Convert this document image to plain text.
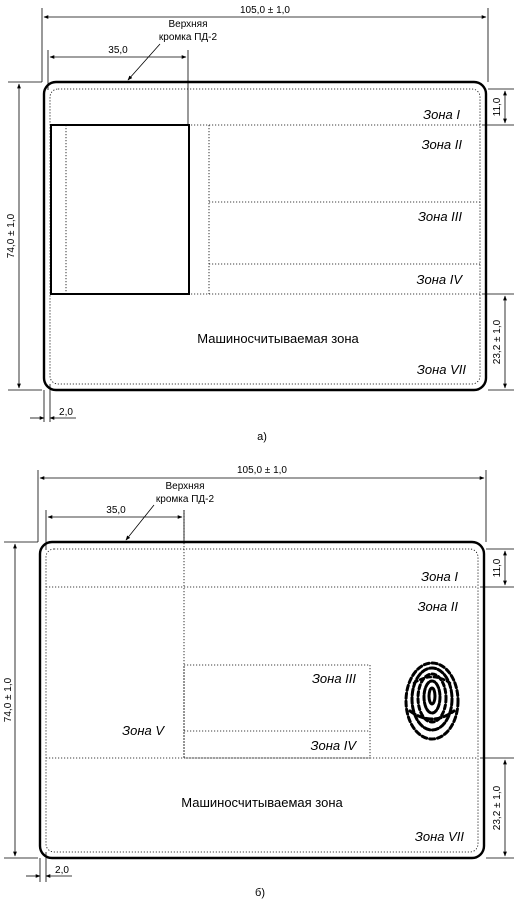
105,0 ± 1,0
35,0
Верхняя
кромка ПД-2
Зона I
Зона II
Зона III
Зона IV
Зона VII
Машиносчитываемая зона
74,0 ± 1,0
11,0
23,2 ± 1,0
2,0
а)
105,0 ± 1,0
35,0
Верхняя
кромка ПД-2
Зона I
Зона II
Зона III
Зона IV
Зона V
Зона VII
Машиносчитываемая зона
74,0 ± 1,0
11,0
23,2 ± 1,0
2,0
б)
